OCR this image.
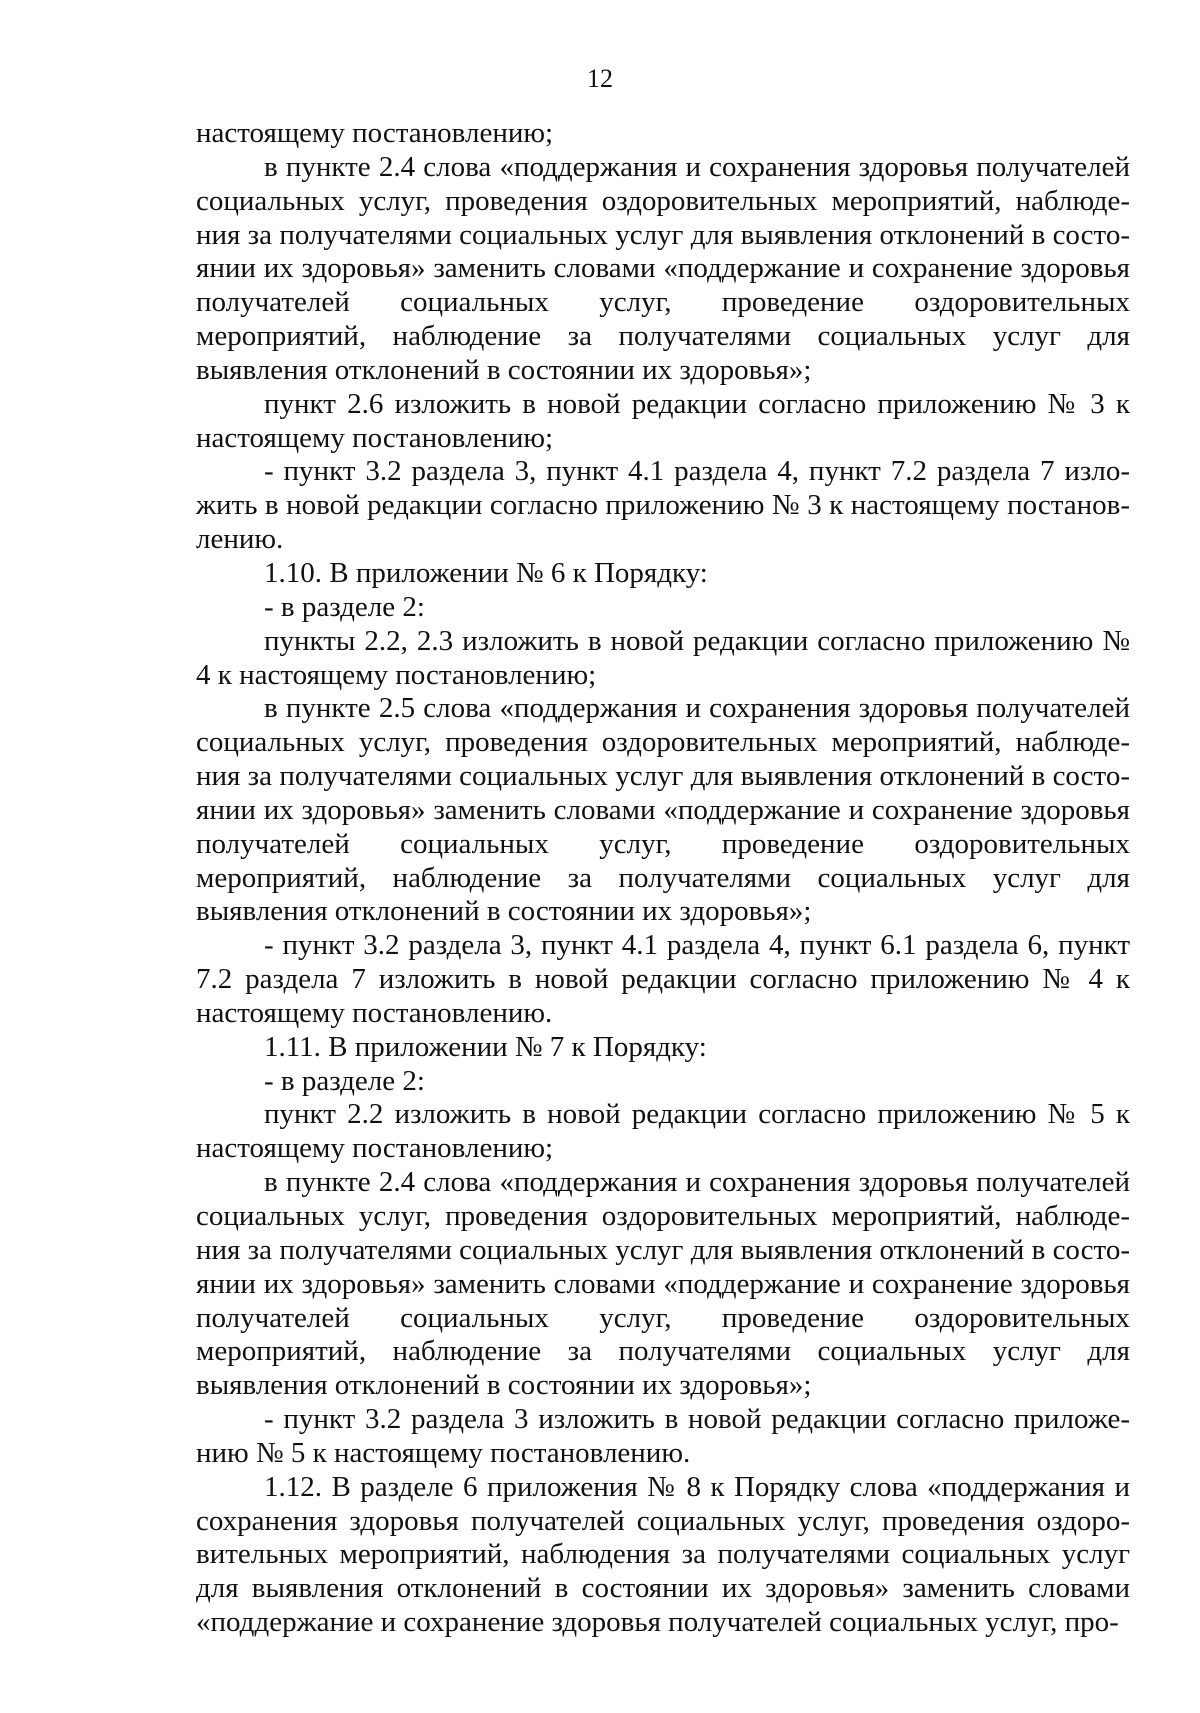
12

настоящему постановлению;

в пункте 2.4 слова «поддержания и сохранения здоровья получателей социальных услуг, проведения оздоровительных мероприятий, наблюдения за получателями социальных услуг для выявления отклонений в состоянии их здоровья» заменить словами «поддержание и сохранение здоровья получателей социальных услуг, проведение оздоровительных мероприятий, наблюдение за получателями социальных услуг для выявления отклонений в состоянии их здоровья»;

пункт 2.6 изложить в новой редакции согласно приложению № 3 к настоящему постановлению;

- пункт 3.2 раздела 3, пункт 4.1 раздела 4, пункт 7.2 раздела 7 изложить в новой редакции согласно приложению № 3 к настоящему постановлению.

1.10. В приложении № 6 к Порядку:

- в разделе 2:

пункты 2.2, 2.3 изложить в новой редакции согласно приложению № 4 к настоящему постановлению;

в пункте 2.5 слова «поддержания и сохранения здоровья получателей социальных услуг, проведения оздоровительных мероприятий, наблюдения за получателями социальных услуг для выявления отклонений в состоянии их здоровья» заменить словами «поддержание и сохранение здоровья получателей социальных услуг, проведение оздоровительных мероприятий, наблюдение за получателями социальных услуг для выявления отклонений в состоянии их здоровья»;

- пункт 3.2 раздела 3, пункт 4.1 раздела 4, пункт 6.1 раздела 6, пункт 7.2 раздела 7 изложить в новой редакции согласно приложению № 4 к настоящему постановлению.

1.11. В приложении № 7 к Порядку:

- в разделе 2:

пункт 2.2 изложить в новой редакции согласно приложению № 5 к настоящему постановлению;

в пункте 2.4 слова «поддержания и сохранения здоровья получателей социальных услуг, проведения оздоровительных мероприятий, наблюдения за получателями социальных услуг для выявления отклонений в состоянии их здоровья» заменить словами «поддержание и сохранение здоровья получателей социальных услуг, проведение оздоровительных мероприятий, наблюдение за получателями социальных услуг для выявления отклонений в состоянии их здоровья»;

- пункт 3.2 раздела 3 изложить в новой редакции согласно приложению № 5 к настоящему постановлению.

1.12. В разделе 6 приложения № 8 к Порядку слова «поддержания и сохранения здоровья получателей социальных услуг, проведения оздоровительных мероприятий, наблюдения за получателями социальных услуг для выявления отклонений в состоянии их здоровья» заменить словами «поддержание и сохранение здоровья получателей социальных услуг, про-
